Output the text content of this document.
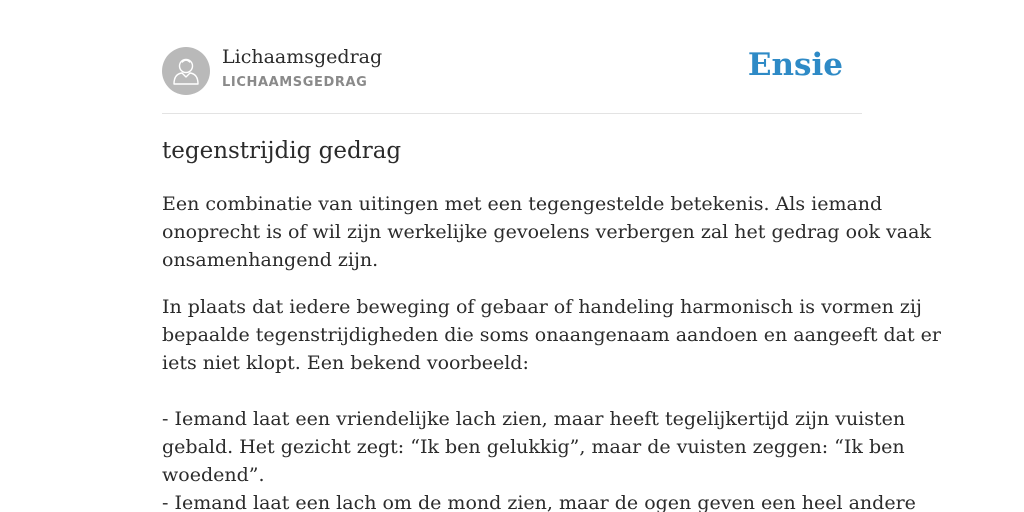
Lichaamsgedrag
LICHAAMSGEDRAG	Ensie
tegenstrijdig gedrag

Een combinatie van uitingen met een tegengestelde betekenis. Als iemand
onoprecht is of wil zijn werkelijke gevoelens verbergen zal het gedrag ook vaak
onsamenhangend zijn.

In plaats dat iedere beweging of gebaar of handeling harmonisch is vormen zij
bepaalde tegenstrijdigheden die soms onaangenaam aandoen en aangeeft dat er
iets niet klopt. Een bekend voorbeeld:
- Iemand laat een vriendelijke lach zien, maar heeft tegelijkertijd zijn vuisten
gebald. Het gezicht zegt: “Ik ben gelukkig”, maar de vuisten zeggen: “Ik ben
woedend”.
- Iemand laat een lach om de mond zien, maar de ogen geven een heel andere
